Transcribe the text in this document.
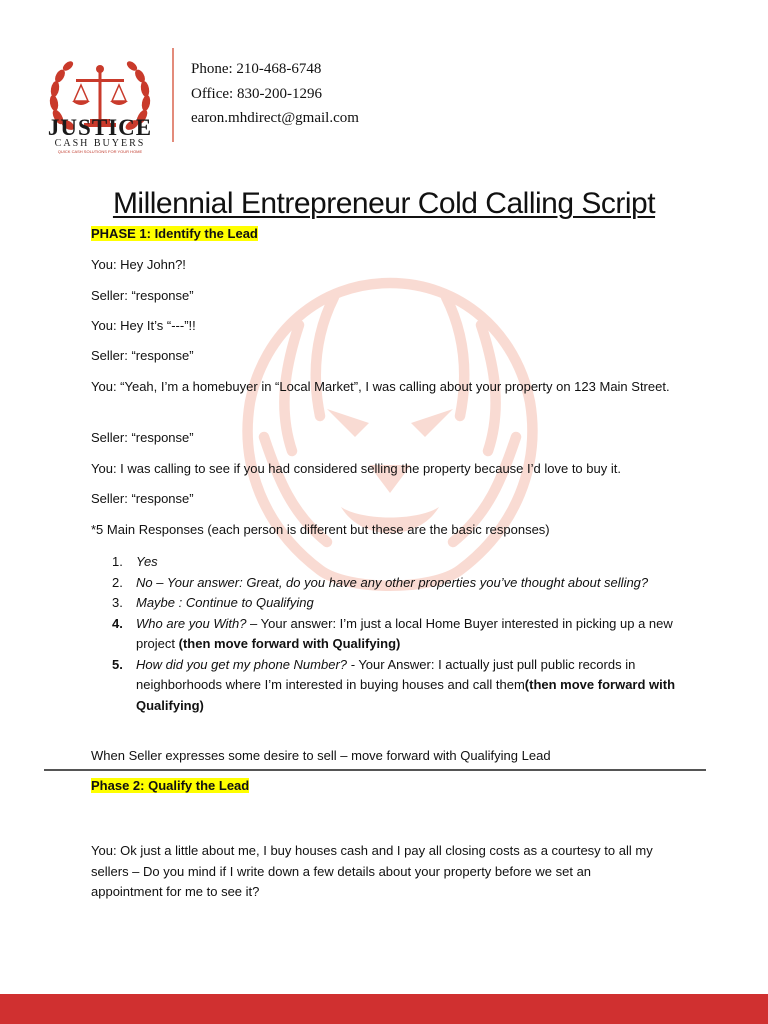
JUSTICE
CASH BUYERS
QUICK CASH SOLUTIONS FOR YOUR HOME
Phone: 210-468-6748
Office: 830-200-1296
earon.mhdirect@gmail.com
Millennial Entrepreneur Cold Calling Script
PHASE 1: Identify the Lead
You: Hey John?!
Seller: “response”
You: Hey It’s “---”!!
Seller: “response”
You: “Yeah, I’m a homebuyer in “Local Market”, I was calling about your property on 123 Main Street.
Seller: “response”
You: I was calling to see if you had considered selling the property because I’d love to buy it.
Seller: “response”
*5 Main Responses (each person is different but these are the basic responses)
1. Yes
2. No – Your answer: Great, do you have any other properties you’ve thought about selling?
3. Maybe : Continue to Qualifying
4. Who are you With? – Your answer: I’m just a local Home Buyer interested in picking up a new project (then move forward with Qualifying)
5. How did you get my phone Number? - Your Answer: I actually just pull public records in neighborhoods where I’m interested in buying houses and call them(then move forward with Qualifying)
When Seller expresses some desire to sell – move forward with Qualifying Lead
Phase 2: Qualify the Lead
You: Ok just a little about me, I buy houses cash and I pay all closing costs as a courtesy to all my sellers – Do you mind if I write down a few details about your property before we set an appointment for me to see it?
